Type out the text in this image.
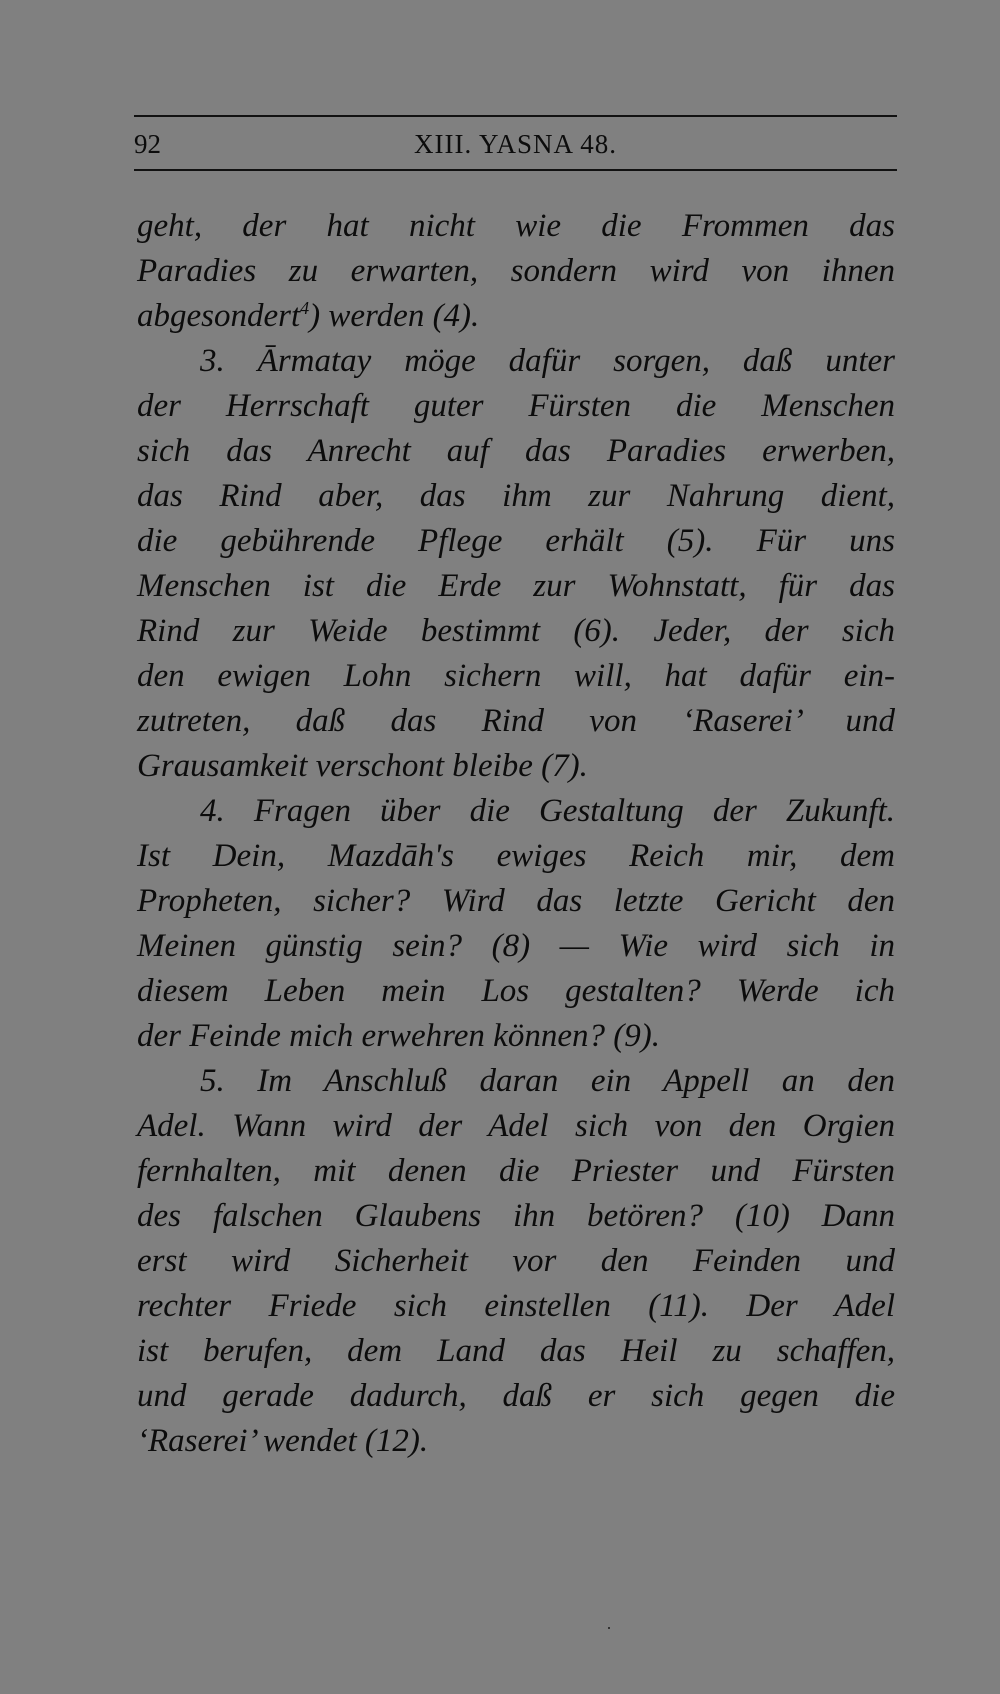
92	XIII. YASNA 48.
geht, der hat nicht wie die Frommen das
Paradies zu erwarten, sondern wird von ihnen
abgesondert$^4$) werden (4).
3. Ārmatay möge dafür sorgen, daß unter
der Herrschaft guter Fürsten die Menschen
sich das Anrecht auf das Paradies erwerben,
das Rind aber, das ihm zur Nahrung dient,
die gebührende Pflege erhält (5). Für uns
Menschen ist die Erde zur Wohnstatt, für das
Rind zur Weide bestimmt (6). Jeder, der sich
den ewigen Lohn sichern will, hat dafür ein-
zutreten, daß das Rind von ‘Raserei’ und
Grausamkeit verschont bleibe (7).
4. Fragen über die Gestaltung der Zukunft.
Ist Dein, Mazdāh's ewiges Reich mir, dem
Propheten, sicher? Wird das letzte Gericht den
Meinen günstig sein? (8) — Wie wird sich in
diesem Leben mein Los gestalten? Werde ich
der Feinde mich erwehren können? (9).
5. Im Anschluß daran ein Appell an den
Adel. Wann wird der Adel sich von den Orgien
fernhalten, mit denen die Priester und Fürsten
des falschen Glaubens ihn betören? (10) Dann
erst wird Sicherheit vor den Feinden und
rechter Friede sich einstellen (11). Der Adel
ist berufen, dem Land das Heil zu schaffen,
und gerade dadurch, daß er sich gegen die
‘Raserei’ wendet (12).
